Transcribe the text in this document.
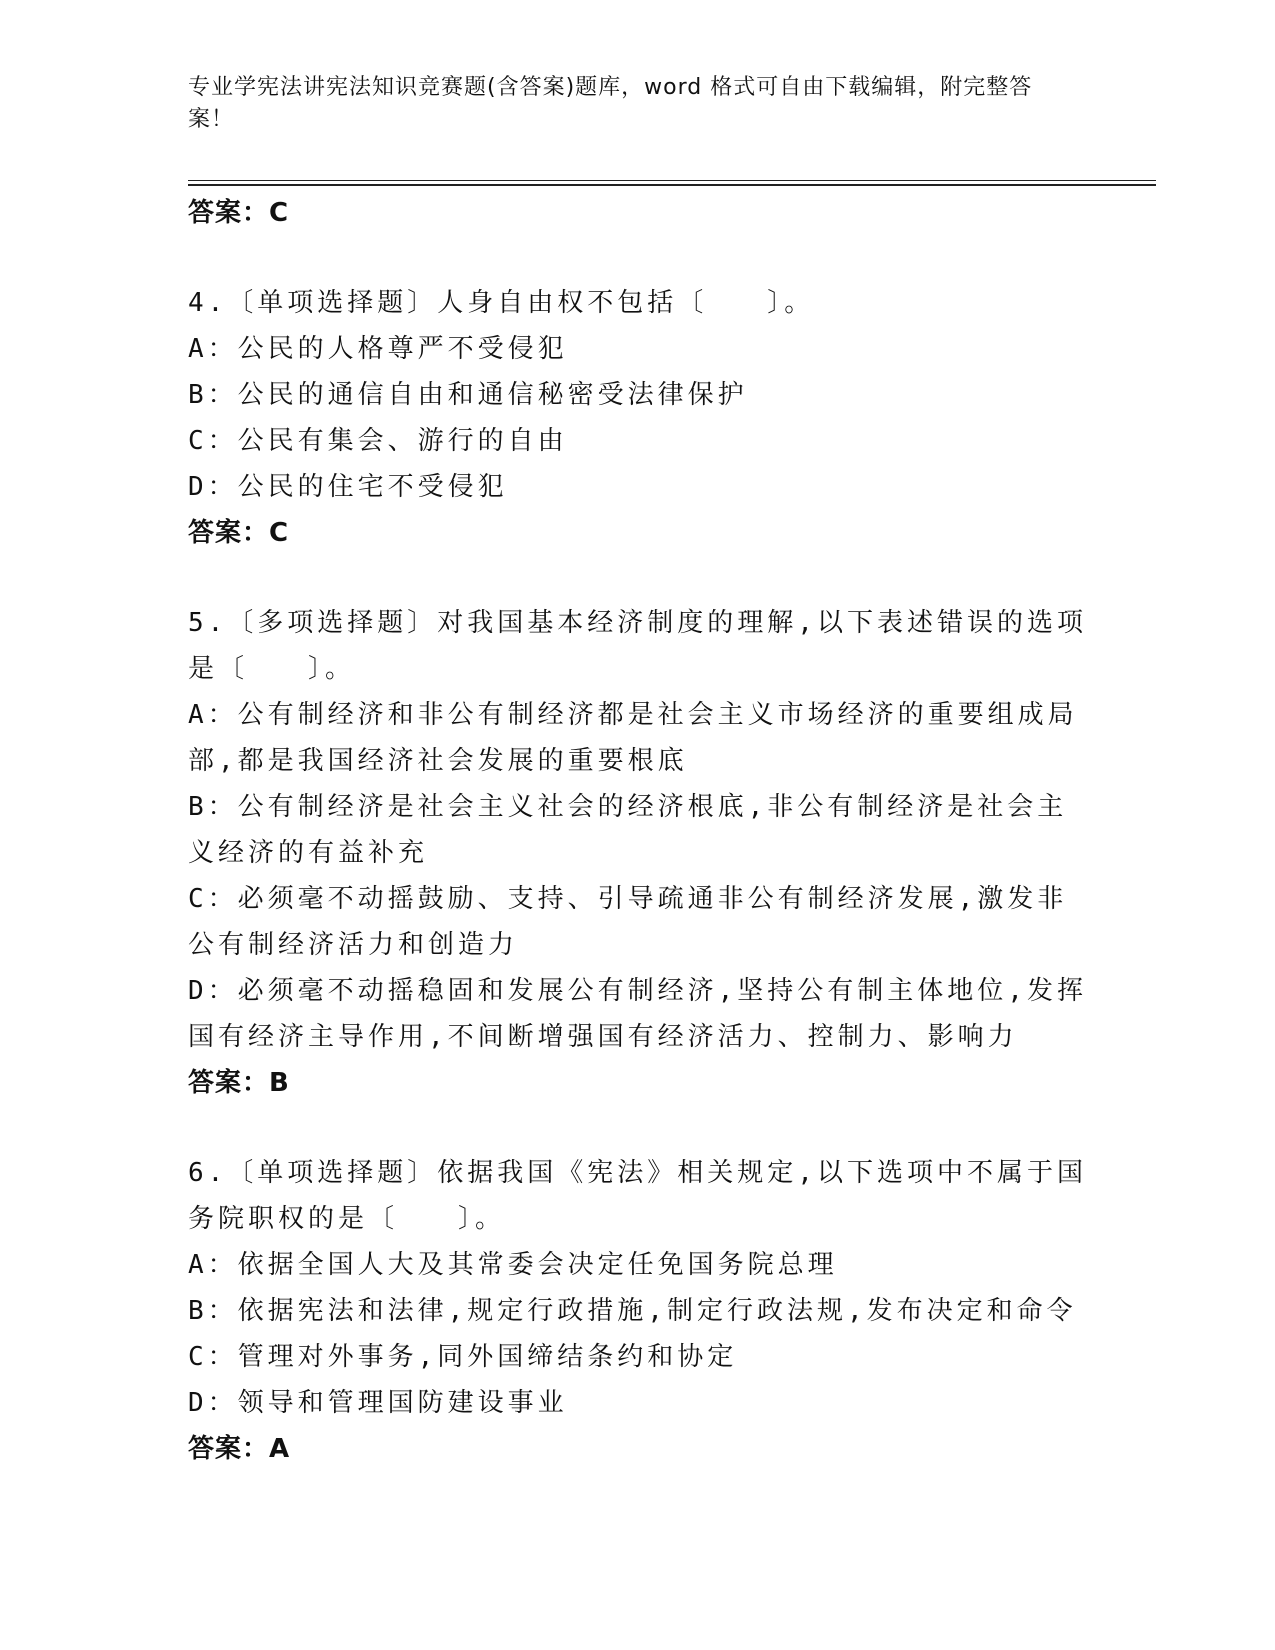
专业学宪法讲宪法知识竞赛题(含答案)题库，word 格式可自由下载编辑，附完整答案！
答案：C
4.〔单项选择题〕人身自由权不包括〔　　〕。
A：公民的人格尊严不受侵犯
B：公民的通信自由和通信秘密受法律保护
C：公民有集会、游行的自由
D：公民的住宅不受侵犯
答案：C
5.〔多项选择题〕对我国基本经济制度的理解,以下表述错误的选项是〔　　〕。
A：公有制经济和非公有制经济都是社会主义市场经济的重要组成局部,都是我国经济社会发展的重要根底
B：公有制经济是社会主义社会的经济根底,非公有制经济是社会主义经济的有益补充
C：必须毫不动摇鼓励、支持、引导疏通非公有制经济发展,激发非公有制经济活力和创造力
D：必须毫不动摇稳固和发展公有制经济,坚持公有制主体地位,发挥国有经济主导作用,不间断增强国有经济活力、控制力、影响力
答案：B
6.〔单项选择题〕依据我国《宪法》相关规定,以下选项中不属于国务院职权的是〔　　〕。
A：依据全国人大及其常委会决定任免国务院总理
B：依据宪法和法律,规定行政措施,制定行政法规,发布决定和命令
C：管理对外事务,同外国缔结条约和协定
D：领导和管理国防建设事业
答案：A
